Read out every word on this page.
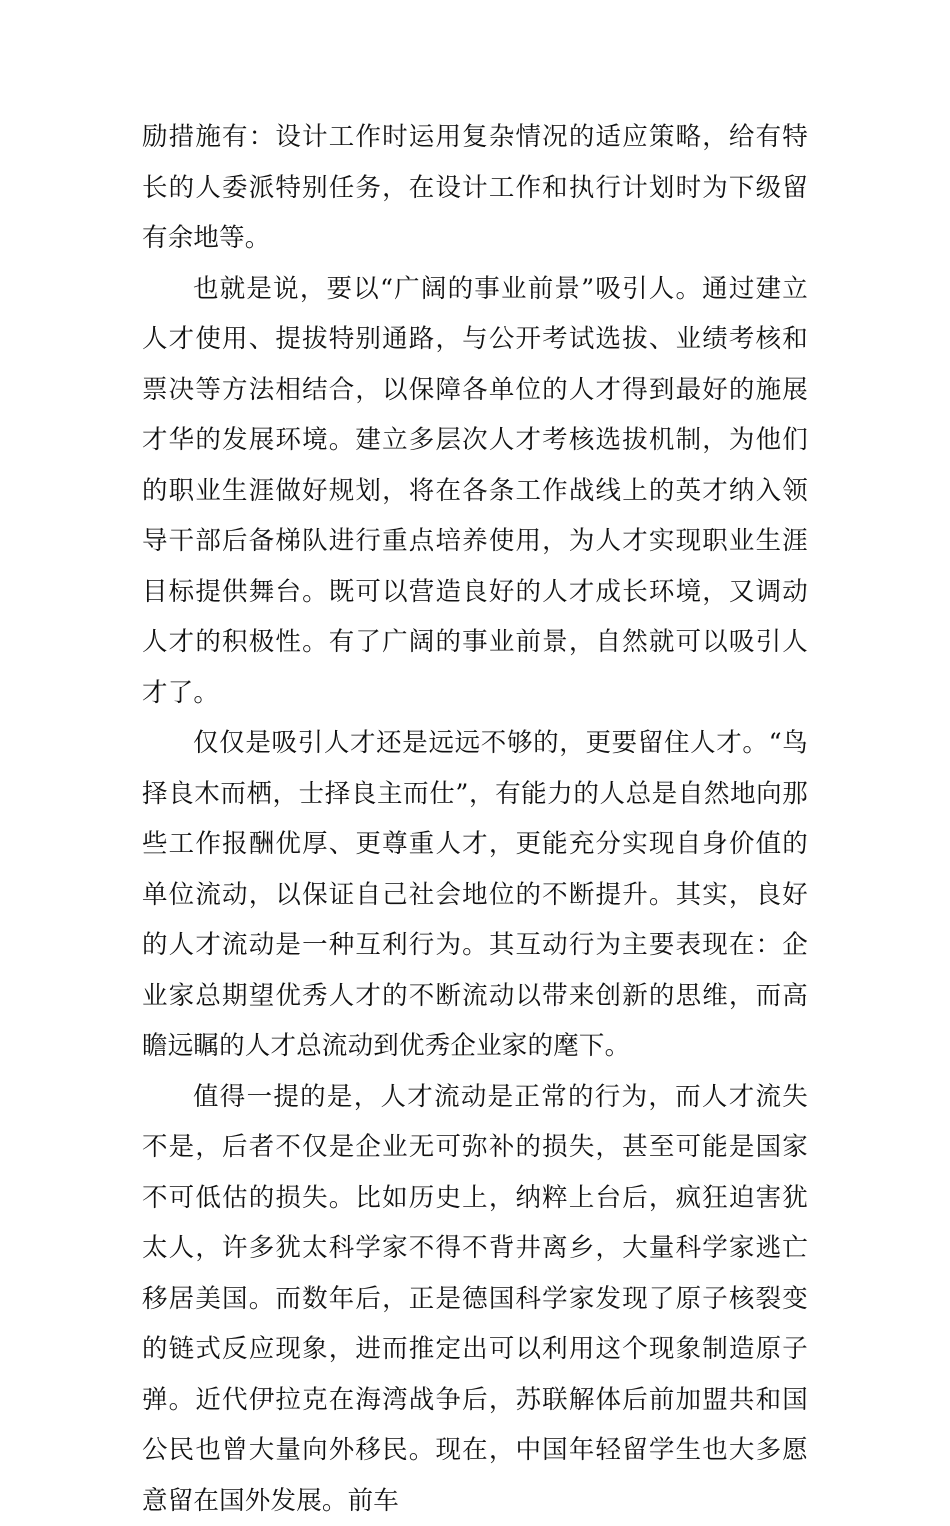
励措施有：设计工作时运用复杂情况的适应策略，给有特长的人委派特别任务，在设计工作和执行计划时为下级留有余地等。

也就是说，要以“广阔的事业前景”吸引人。通过建立人才使用、提拔特别通路，与公开考试选拔、业绩考核和票决等方法相结合，以保障各单位的人才得到最好的施展才华的发展环境。建立多层次人才考核选拔机制，为他们的职业生涯做好规划，将在各条工作战线上的英才纳入领导干部后备梯队进行重点培养使用，为人才实现职业生涯目标提供舞台。既可以营造良好的人才成长环境，又调动人才的积极性。有了广阔的事业前景，自然就可以吸引人才了。

仅仅是吸引人才还是远远不够的，更要留住人才。“鸟择良木而栖，士择良主而仕”，有能力的人总是自然地向那些工作报酬优厚、更尊重人才，更能充分实现自身价值的单位流动，以保证自己社会地位的不断提升。其实，良好的人才流动是一种互利行为。其互动行为主要表现在：企业家总期望优秀人才的不断流动以带来创新的思维，而高瞻远瞩的人才总流动到优秀企业家的麾下。

值得一提的是，人才流动是正常的行为，而人才流失不是，后者不仅是企业无可弥补的损失，甚至可能是国家不可低估的损失。比如历史上，纳粹上台后，疯狂迫害犹太人，许多犹太科学家不得不背井离乡，大量科学家逃亡移居美国。而数年后，正是德国科学家发现了原子核裂变的链式反应现象，进而推定出可以利用这个现象制造原子弹。近代伊拉克在海湾战争后，苏联解体后前加盟共和国公民也曾大量向外移民。现在，中国年轻留学生也大多愿意留在国外发展。前车
